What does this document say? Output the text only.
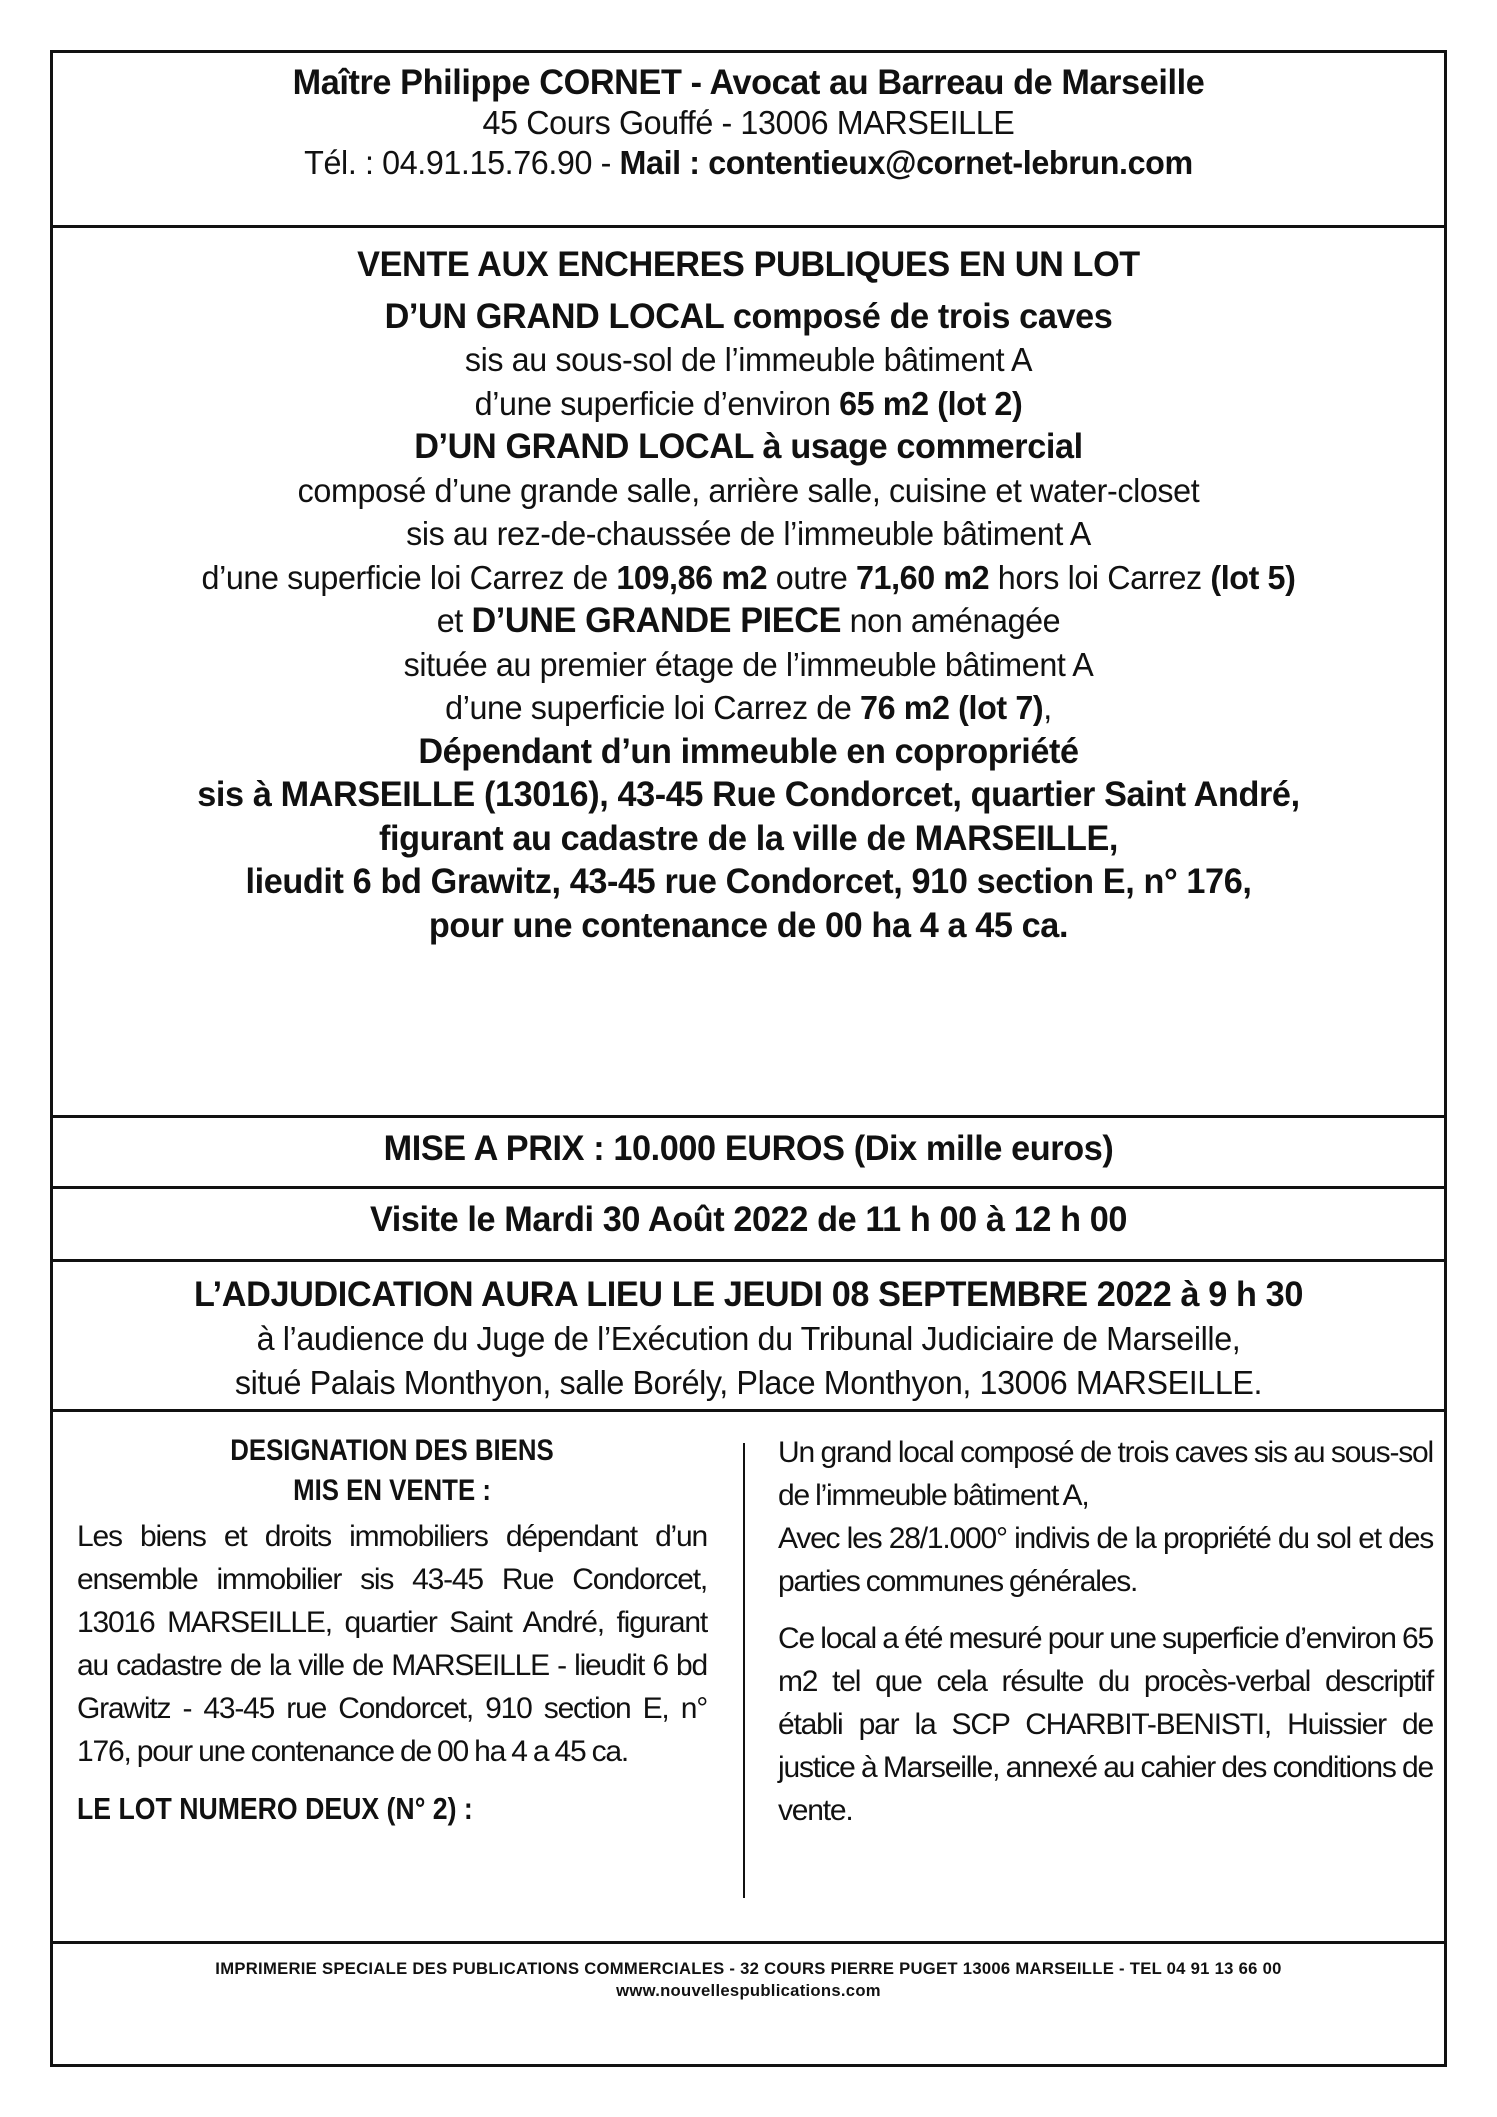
Maître Philippe CORNET - Avocat au Barreau de Marseille
45 Cours Gouffé - 13006 MARSEILLE
Tél. : 04.91.15.76.90 - Mail : contentieux@cornet-lebrun.com
VENTE AUX ENCHERES PUBLIQUES EN UN LOT
D’UN GRAND LOCAL composé de trois caves
sis au sous-sol de l’immeuble bâtiment A
d’une superficie d’environ 65 m2 (lot 2)
D’UN GRAND LOCAL à usage commercial
composé d’une grande salle, arrière salle, cuisine et water-closet
sis au rez-de-chaussée de l’immeuble bâtiment A
d’une superficie loi Carrez de 109,86 m2 outre 71,60 m2 hors loi Carrez (lot 5)
et D’UNE GRANDE PIECE non aménagée
située au premier étage de l’immeuble bâtiment A
d’une superficie loi Carrez de 76 m2 (lot 7),
Dépendant d’un immeuble en copropriété
sis à MARSEILLE (13016), 43-45 Rue Condorcet, quartier Saint André,
figurant au cadastre de la ville de MARSEILLE,
lieudit 6 bd Grawitz, 43-45 rue Condorcet, 910 section E, n° 176,
pour une contenance de 00 ha 4 a 45 ca.
MISE A PRIX : 10.000 EUROS (Dix mille euros)
Visite le Mardi 30 Août 2022 de 11 h 00 à 12 h 00
L’ADJUDICATION AURA LIEU LE JEUDI 08 SEPTEMBRE 2022 à 9 h 30
à l’audience du Juge de l’Exécution du Tribunal Judiciaire de Marseille,
situé Palais Monthyon, salle Borély, Place Monthyon, 13006 MARSEILLE.
DESIGNATION DES BIENS
MIS EN VENTE :
Les biens et droits immobiliers dépendant d’un ensemble immobilier sis 43-45 Rue Condorcet, 13016 MARSEILLE, quartier Saint André, figurant au cadastre de la ville de MARSEILLE - lieudit 6 bd Grawitz - 43-45 rue Condorcet, 910 section E, n° 176, pour une contenance de 00 ha 4 a 45 ca.
LE LOT NUMERO DEUX (N° 2) :
Un grand local composé de trois caves sis au sous-sol de l’immeuble bâtiment A,
Avec les 28/1.000° indivis de la propriété du sol et des parties communes générales.
Ce local a été mesuré pour une superficie d’environ 65 m2 tel que cela résulte du procès-verbal descriptif établi par la SCP CHARBIT-BENISTI, Huissier de justice à Marseille, annexé au cahier des conditions de vente.
IMPRIMERIE SPECIALE DES PUBLICATIONS COMMERCIALES - 32 COURS PIERRE PUGET 13006 MARSEILLE - TEL 04 91 13 66 00
www.nouvellespublications.com
